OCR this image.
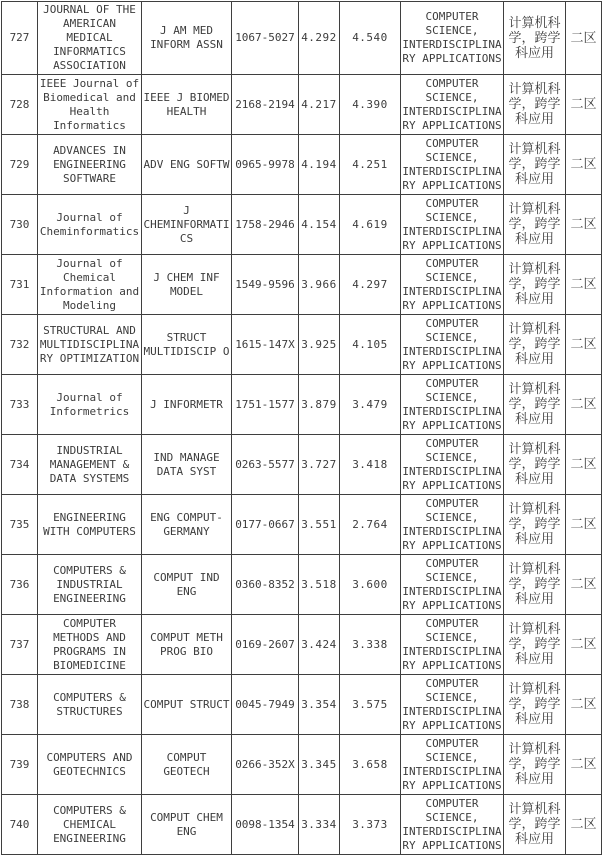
727	JOURNAL OF THE AMERICAN MEDICAL INFORMATICS ASSOCIATION	J AM MED INFORM ASSN	1067-5027	4.292	4.540	COMPUTER SCIENCE, INTERDISCIPLINARY APPLICATIONS	计算机科学，跨学科应用	二区
728	IEEE Journal of Biomedical and Health Informatics	IEEE J BIOMED HEALTH	2168-2194	4.217	4.390	COMPUTER SCIENCE, INTERDISCIPLINARY APPLICATIONS	计算机科学，跨学科应用	二区
729	ADVANCES IN ENGINEERING SOFTWARE	ADV ENG SOFTW	0965-9978	4.194	4.251	COMPUTER SCIENCE, INTERDISCIPLINARY APPLICATIONS	计算机科学，跨学科应用	二区
730	Journal of Cheminformatics	J CHEMINFORMATICS	1758-2946	4.154	4.619	COMPUTER SCIENCE, INTERDISCIPLINARY APPLICATIONS	计算机科学，跨学科应用	二区
731	Journal of Chemical Information and Modeling	J CHEM INF MODEL	1549-9596	3.966	4.297	COMPUTER SCIENCE, INTERDISCIPLINARY APPLICATIONS	计算机科学，跨学科应用	二区
732	STRUCTURAL AND MULTIDISCIPLINARY OPTIMIZATION	STRUCT MULTIDISCIP O	1615-147X	3.925	4.105	COMPUTER SCIENCE, INTERDISCIPLINARY APPLICATIONS	计算机科学，跨学科应用	二区
733	Journal of Informetrics	J INFORMETR	1751-1577	3.879	3.479	COMPUTER SCIENCE, INTERDISCIPLINARY APPLICATIONS	计算机科学，跨学科应用	二区
734	INDUSTRIAL MANAGEMENT & DATA SYSTEMS	IND MANAGE DATA SYST	0263-5577	3.727	3.418	COMPUTER SCIENCE, INTERDISCIPLINARY APPLICATIONS	计算机科学，跨学科应用	二区
735	ENGINEERING WITH COMPUTERS	ENG COMPUT-GERMANY	0177-0667	3.551	2.764	COMPUTER SCIENCE, INTERDISCIPLINARY APPLICATIONS	计算机科学，跨学科应用	二区
736	COMPUTERS & INDUSTRIAL ENGINEERING	COMPUT IND ENG	0360-8352	3.518	3.600	COMPUTER SCIENCE, INTERDISCIPLINARY APPLICATIONS	计算机科学，跨学科应用	二区
737	COMPUTER METHODS AND PROGRAMS IN BIOMEDICINE	COMPUT METH PROG BIO	0169-2607	3.424	3.338	COMPUTER SCIENCE, INTERDISCIPLINARY APPLICATIONS	计算机科学，跨学科应用	二区
738	COMPUTERS & STRUCTURES	COMPUT STRUCT	0045-7949	3.354	3.575	COMPUTER SCIENCE, INTERDISCIPLINARY APPLICATIONS	计算机科学，跨学科应用	二区
739	COMPUTERS AND GEOTECHNICS	COMPUT GEOTECH	0266-352X	3.345	3.658	COMPUTER SCIENCE, INTERDISCIPLINARY APPLICATIONS	计算机科学，跨学科应用	二区
740	COMPUTERS & CHEMICAL ENGINEERING	COMPUT CHEM ENG	0098-1354	3.334	3.373	COMPUTER SCIENCE, INTERDISCIPLINARY APPLICATIONS	计算机科学，跨学科应用	二区
